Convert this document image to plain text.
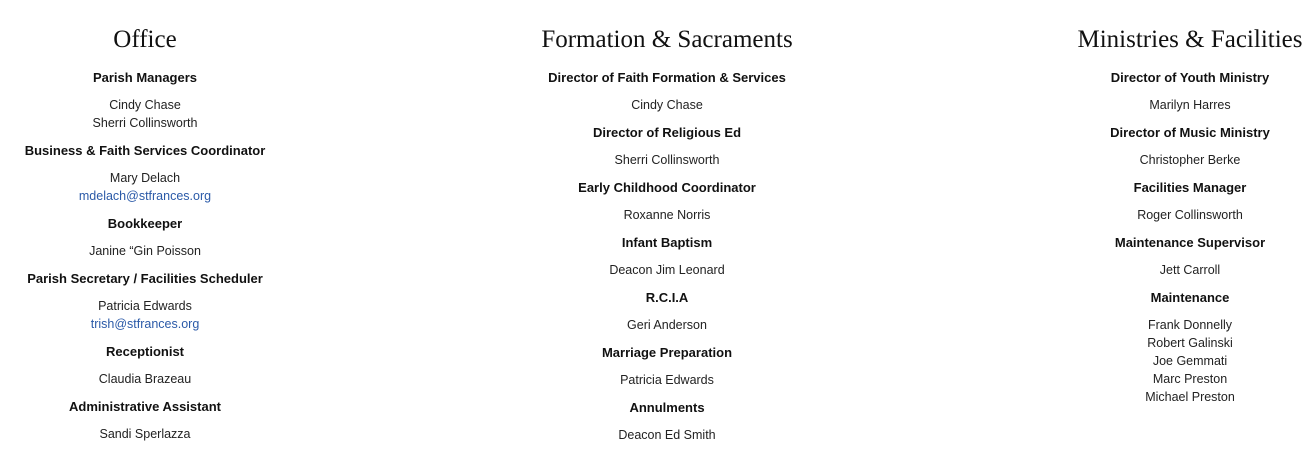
Office
Parish Managers
Cindy Chase
Sherri Collinsworth
Business & Faith Services Coordinator
Mary Delach
mdelach@stfrances.org
Bookkeeper
Janine “Gin Poisson
Parish Secretary / Facilities Scheduler
Patricia Edwards
trish@stfrances.org
Receptionist
Claudia Brazeau
Administrative Assistant
Sandi Sperlazza
Formation & Sacraments
Director of Faith Formation & Services
Cindy Chase
Director of Religious Ed
Sherri Collinsworth
Early Childhood Coordinator
Roxanne Norris
Infant Baptism
Deacon Jim Leonard
R.C.I.A
Geri Anderson
Marriage Preparation
Patricia Edwards
Annulments
Deacon Ed Smith
Ministries & Facilities
Director of Youth Ministry
Marilyn Harres
Director of Music Ministry
Christopher Berke
Facilities Manager
Roger Collinsworth
Maintenance Supervisor
Jett Carroll
Maintenance
Frank Donnelly
Robert Galinski
Joe Gemmati
Marc Preston
Michael Preston
